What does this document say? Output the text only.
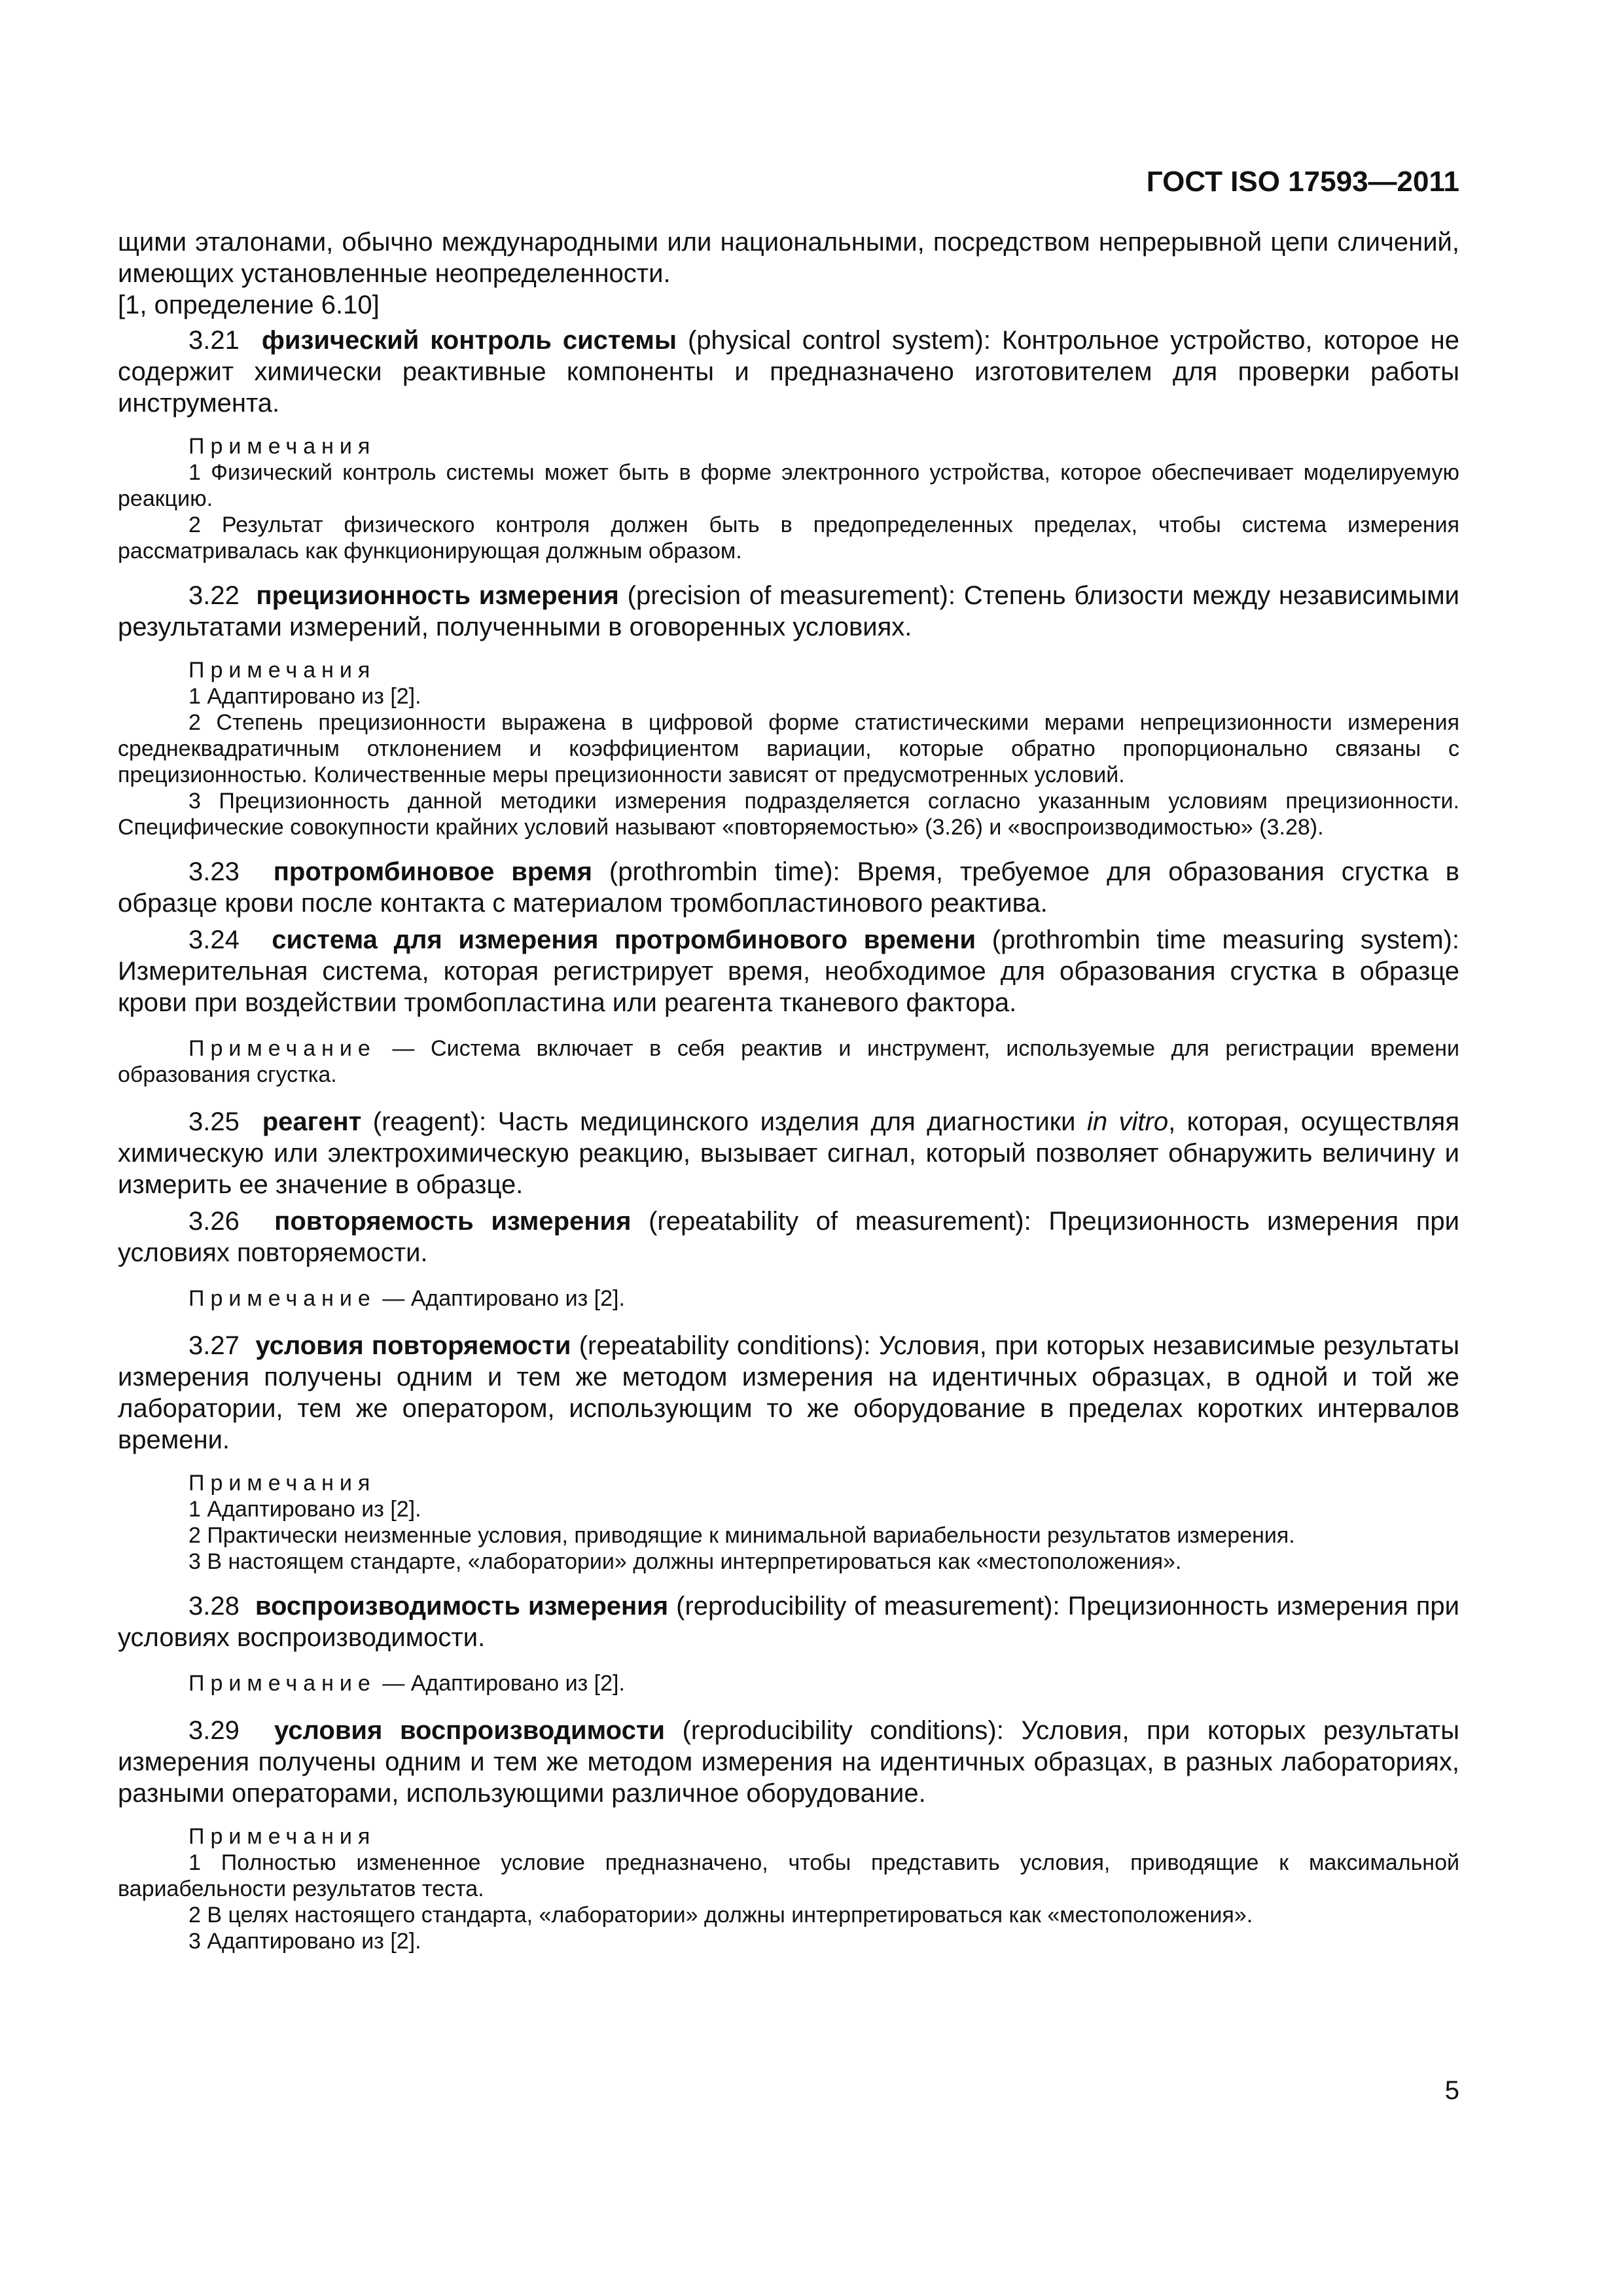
ГОСТ ISO 17593—2011

щими эталонами, обычно международными или национальными, посредством непрерывной цепи сличений, имеющих установленные неопределенности.

[1, определение 6.10]

3.21 физический контроль системы (physical control system): Контрольное устройство, которое не содержит химически реактивные компоненты и предназначено изготовителем для проверки работы инструмента.

Примечания

1 Физический контроль системы может быть в форме электронного устройства, которое обеспечивает моделируемую реакцию.

2 Результат физического контроля должен быть в предопределенных пределах, чтобы система измерения рассматривалась как функционирующая должным образом.

3.22 прецизионность измерения (precision of measurement): Степень близости между независимыми результатами измерений, полученными в оговоренных условиях.

Примечания

1 Адаптировано из [2].

2 Степень прецизионности выражена в цифровой форме статистическими мерами непрецизионности измерения среднеквадратичным отклонением и коэффициентом вариации, которые обратно пропорционально связаны с прецизионностью. Количественные меры прецизионности зависят от предусмотренных условий.

3 Прецизионность данной методики измерения подразделяется согласно указанным условиям прецизионности. Специфические совокупности крайних условий называют «повторяемостью» (3.26) и «воспроизводимостью» (3.28).

3.23 протромбиновое время (prothrombin time): Время, требуемое для образования сгустка в образце крови после контакта с материалом тромбопластинового реактива.

3.24 система для измерения протромбинового времени (prothrombin time measuring system): Измерительная система, которая регистрирует время, необходимое для образования сгустка в образце крови при воздействии тромбопластина или реагента тканевого фактора.

Примечание — Система включает в себя реактив и инструмент, используемые для регистрации времени образования сгустка.

3.25 реагент (reagent): Часть медицинского изделия для диагностики in vitro, которая, осуществляя химическую или электрохимическую реакцию, вызывает сигнал, который позволяет обнаружить величину и измерить ее значение в образце.

3.26 повторяемость измерения (repeatability of measurement): Прецизионность измерения при условиях повторяемости.

Примечание — Адаптировано из [2].

3.27 условия повторяемости (repeatability conditions): Условия, при которых независимые результаты измерения получены одним и тем же методом измерения на идентичных образцах, в одной и той же лаборатории, тем же оператором, использующим то же оборудование в пределах коротких интервалов времени.

Примечания

1 Адаптировано из [2].

2 Практически неизменные условия, приводящие к минимальной вариабельности результатов измерения.

3 В настоящем стандарте, «лаборатории» должны интерпретироваться как «местоположения».

3.28 воспроизводимость измерения (reproducibility of measurement): Прецизионность измерения при условиях воспроизводимости.

Примечание — Адаптировано из [2].

3.29 условия воспроизводимости (reproducibility conditions): Условия, при которых результаты измерения получены одним и тем же методом измерения на идентичных образцах, в разных лабораториях, разными операторами, использующими различное оборудование.

Примечания

1 Полностью измененное условие предназначено, чтобы представить условия, приводящие к максимальной вариабельности результатов теста.

2 В целях настоящего стандарта, «лаборатории» должны интерпретироваться как «местоположения».

3 Адаптировано из [2].

5
